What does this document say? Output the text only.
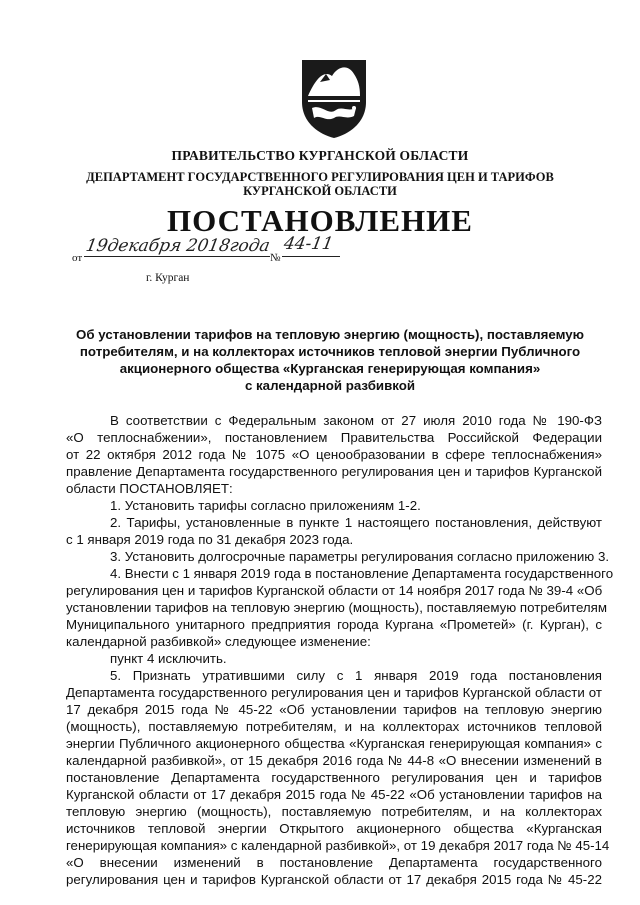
ПРАВИТЕЛЬСТВО КУРГАНСКОЙ ОБЛАСТИ
ДЕПАРТАМЕНТ ГОСУДАРСТВЕННОГО РЕГУЛИРОВАНИЯ ЦЕН И ТАРИФОВ
КУРГАНСКОЙ ОБЛАСТИ
ПОСТАНОВЛЕНИЕ
от
19декабря 2018года
№
44-11
г. Курган
Об установлении тарифов на тепловую энергию (мощность), поставляемую
потребителям, и на коллекторах источников тепловой энергии Публичного
акционерного общества «Курганская генерирующая компания»
с календарной разбивкой
В соответствии с Федеральным законом от 27 июля 2010 года № 190-ФЗ
«О теплоснабжении», постановлением Правительства Российской Федерации
от 22 октября 2012 года № 1075 «О ценообразовании в сфере теплоснабжения»
правление Департамента государственного регулирования цен и тарифов Курганской
области ПОСТАНОВЛЯЕТ:
1. Установить тарифы согласно приложениям 1-2.
2. Тарифы, установленные в пункте 1 настоящего постановления, действуют
с 1 января 2019 года по 31 декабря 2023 года.
3. Установить долгосрочные параметры регулирования согласно приложению 3.
4. Внести с 1 января 2019 года в постановление Департамента государственного
регулирования цен и тарифов Курганской области от 14 ноября 2017 года № 39-4 «Об
установлении тарифов на тепловую энергию (мощность), поставляемую потребителям
Муниципального унитарного предприятия города Кургана «Прометей» (г. Курган), с
календарной разбивкой» следующее изменение:
пункт 4 исключить.
5. Признать утратившими силу с 1 января 2019 года постановления
Департамента государственного регулирования цен и тарифов Курганской области от
17 декабря 2015 года № 45-22 «Об установлении тарифов на тепловую энергию
(мощность), поставляемую потребителям, и на коллекторах источников тепловой
энергии Публичного акционерного общества «Курганская генерирующая компания» с
календарной разбивкой», от 15 декабря 2016 года № 44-8 «О внесении изменений в
постановление Департамента государственного регулирования цен и тарифов
Курганской области от 17 декабря 2015 года № 45-22 «Об установлении тарифов на
тепловую энергию (мощность), поставляемую потребителям, и на коллекторах
источников тепловой энергии Открытого акционерного общества «Курганская
генерирующая компания» с календарной разбивкой», от 19 декабря 2017 года № 45-14
«О внесении изменений в постановление Департамента государственного
регулирования цен и тарифов Курганской области от 17 декабря 2015 года № 45-22
